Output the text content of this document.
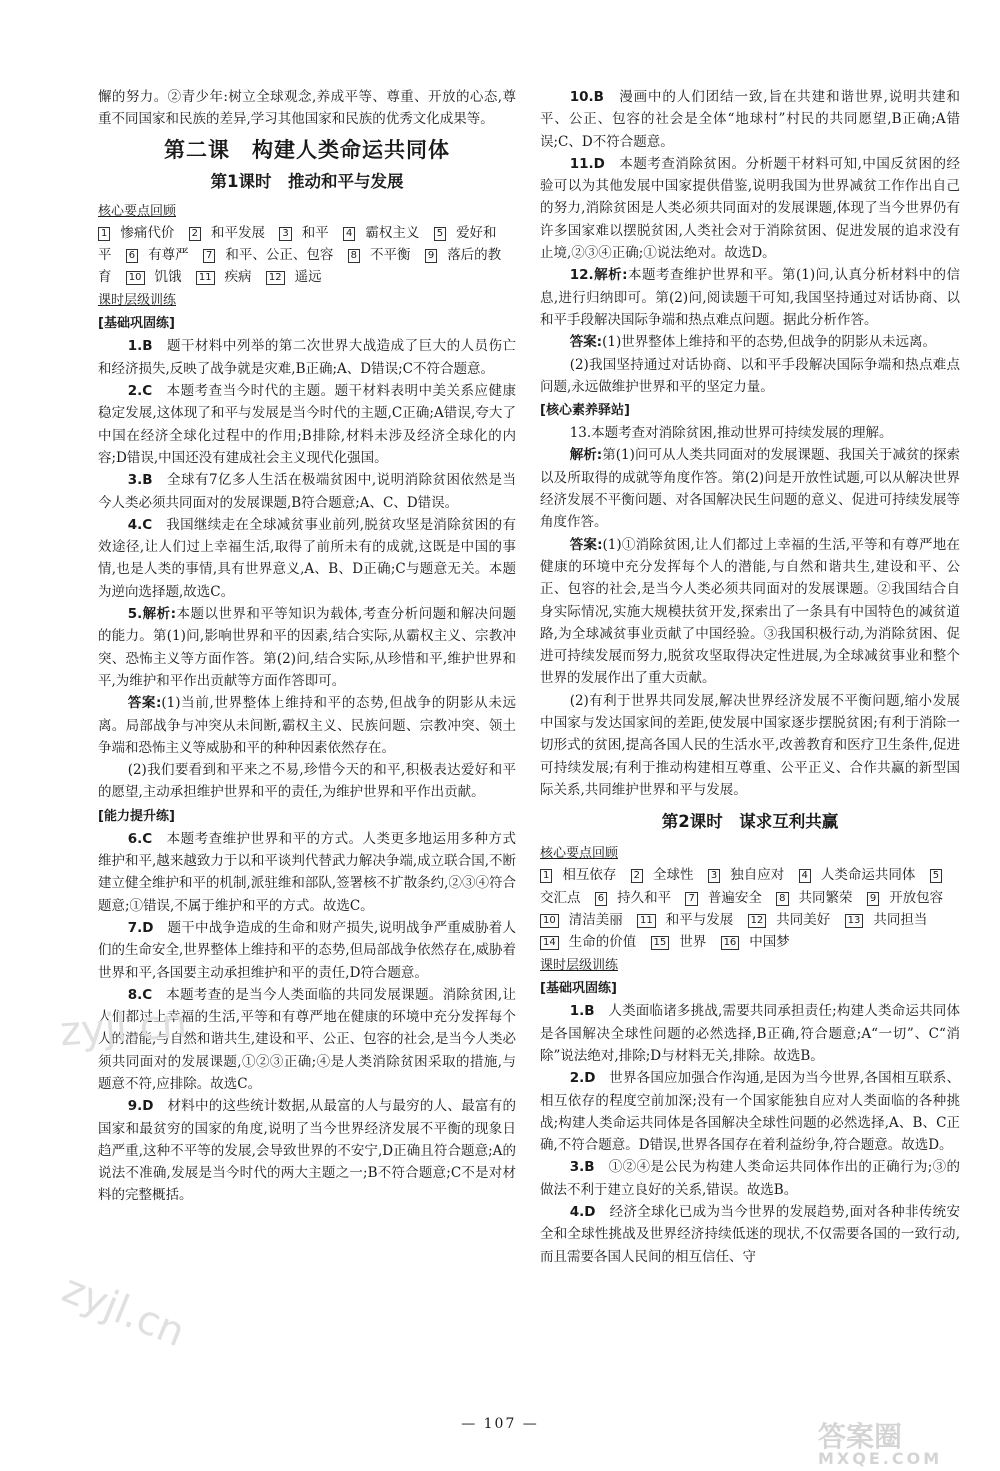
懈的努力。②青少年:树立全球观念,养成平等、尊重、开放的心态,尊重不同国家和民族的差异,学习其他国家和民族的优秀文化成果等。

第二课　构建人类命运共同体
第1课时　推动和平与发展
核心要点回顾
1 惨痛代价 2 和平发展 3 和平 4 霸权主义 5 爱好和平 6 有尊严 7 和平、公正、包容 8 不平衡 9 落后的教育 10 饥饿 11 疾病 12 遥远
课时层级训练
[基础巩固练]

1.B　 题干材料中列举的第二次世界大战造成了巨大的人员伤亡和经济损失,反映了战争就是灾难,B正确;A、D错误;C不符合题意。

2.C　 本题考查当今时代的主题。题干材料表明中美关系应健康稳定发展,这体现了和平与发展是当今时代的主题,C正确;A错误,夸大了中国在经济全球化过程中的作用;B排除,材料未涉及经济全球化的内容;D错误,中国还没有建成社会主义现代化强国。

3.B　 全球有7亿多人生活在极端贫困中,说明消除贫困依然是当今人类必须共同面对的发展课题,B符合题意;A、C、D错误。

4.C　 我国继续走在全球减贫事业前列,脱贫攻坚是消除贫困的有效途径,让人们过上幸福生活,取得了前所未有的成就,这既是中国的事情,也是人类的事情,具有世界意义,A、B、D正确;C与题意无关。本题为逆向选择题,故选C。

5.解析:本题以世界和平等知识为载体,考查分析问题和解决问题的能力。第(1)问,影响世界和平的因素,结合实际,从霸权主义、宗教冲突、恐怖主义等方面作答。第(2)问,结合实际,从珍惜和平,维护世界和平,为维护和平作出贡献等方面作答即可。

答案:(1)当前,世界整体上维持和平的态势,但战争的阴影从未远离。局部战争与冲突从未间断,霸权主义、民族问题、宗教冲突、领土争端和恐怖主义等威胁和平的种种因素依然存在。

(2)我们要看到和平来之不易,珍惜今天的和平,积极表达爱好和平的愿望,主动承担维护世界和平的责任,为维护世界和平作出贡献。

[能力提升练]

6.C　 本题考查维护世界和平的方式。人类更多地运用多种方式维护和平,越来越致力于以和平谈判代替武力解决争端,成立联合国,不断建立健全维护和平的机制,派驻维和部队,签署核不扩散条约,②③④符合题意;①错误,不属于维护和平的方式。故选C。

7.D　 题干中战争造成的生命和财产损失,说明战争严重威胁着人们的生命安全,世界整体上维持和平的态势,但局部战争依然存在,威胁着世界和平,各国要主动承担维护和平的责任,D符合题意。

8.C　 本题考查的是当今人类面临的共同发展课题。消除贫困,让人们都过上幸福的生活,平等和有尊严地在健康的环境中充分发挥每个人的潜能,与自然和谐共生,建设和平、公正、包容的社会,是当今人类必须共同面对的发展课题,①②③正确;④是人类消除贫困采取的措施,与题意不符,应排除。故选C。

9.D　 材料中的这些统计数据,从最富的人与最穷的人、最富有的国家和最贫穷的国家的角度,说明了当今世界经济发展不平衡的现象日趋严重,这种不平等的发展,会导致世界的不安宁,D正确且符合题意;A的说法不准确,发展是当今时代的两大主题之一;B不符合题意;C不是对材料的完整概括。

10.B　 漫画中的人们团结一致,旨在共建和谐世界,说明共建和平、公正、包容的社会是全体“地球村”村民的共同愿望,B正确;A错误;C、D不符合题意。

11.D　 本题考查消除贫困。分析题干材料可知,中国反贫困的经验可以为其他发展中国家提供借鉴,说明我国为世界减贫工作作出自己的努力,消除贫困是人类必须共同面对的发展课题,体现了当今世界仍有许多国家难以摆脱贫困,人类社会对于消除贫困、促进发展的追求没有止境,②③④正确;①说法绝对。故选D。

12.解析:本题考查维护世界和平。第(1)问,认真分析材料中的信息,进行归纳即可。第(2)问,阅读题干可知,我国坚持通过对话协商、以和平手段解决国际争端和热点难点问题。据此分析作答。

答案:(1)世界整体上维持和平的态势,但战争的阴影从未远离。

(2)我国坚持通过对话协商、以和平手段解决国际争端和热点难点问题,永远做维护世界和平的坚定力量。

[核心素养驿站]

13.本题考查对消除贫困,推动世界可持续发展的理解。

解析:第(1)问可从人类共同面对的发展课题、我国关于减贫的探索以及所取得的成就等角度作答。第(2)问是开放性试题,可以从解决世界经济发展不平衡问题、对各国解决民生问题的意义、促进可持续发展等角度作答。

答案:(1)①消除贫困,让人们都过上幸福的生活,平等和有尊严地在健康的环境中充分发挥每个人的潜能,与自然和谐共生,建设和平、公正、包容的社会,是当今人类必须共同面对的发展课题。②我国结合自身实际情况,实施大规模扶贫开发,探索出了一条具有中国特色的减贫道路,为全球减贫事业贡献了中国经验。③我国积极行动,为消除贫困、促进可持续发展而努力,脱贫攻坚取得决定性进展,为全球减贫事业和整个世界的发展作出了重大贡献。

(2)有利于世界共同发展,解决世界经济发展不平衡问题,缩小发展中国家与发达国家间的差距,使发展中国家逐步摆脱贫困;有利于消除一切形式的贫困,提高各国人民的生活水平,改善教育和医疗卫生条件,促进可持续发展;有利于推动构建相互尊重、公平正义、合作共赢的新型国际关系,共同维护世界和平与发展。

第2课时　谋求互利共赢
核心要点回顾
1 相互依存 2 全球性 3 独自应对 4 人类命运共同体 5交汇点 6 持久和平 7 普遍安全 8 共同繁荣 9 开放包容 10 清洁美丽 11 和平与发展 12 共同美好 13 共同担当 14 生命的价值 15 世界 16 中国梦
课时层级训练
[基础巩固练]

1.B　 人类面临诸多挑战,需要共同承担责任;构建人类命运共同体是各国解决全球性问题的必然选择,B正确,符合题意;A“一切”、C“消除”说法绝对,排除;D与材料无关,排除。故选B。

2.D　 世界各国应加强合作沟通,是因为当今世界,各国相互联系、相互依存的程度空前加深;没有一个国家能独自应对人类面临的各种挑战;构建人类命运共同体是各国解决全球性问题的必然选择,A、B、C正确,不符合题意。D错误,世界各国存在着利益纷争,符合题意。故选D。

3.B　 ①②④是公民为构建人类命运共同体作出的正确行为;③的做法不利于建立良好的关系,错误。故选B。

4.D　 经济全球化已成为当今世界的发展趋势,面对各种非传统安全和全球性挑战及世界经济持续低迷的现状,不仅需要各国的一致行动,而且需要各国人民间的相互信任、守

— 107 —
zyjl.cn
zyjl.cn
答案圈
MXQE.COM
